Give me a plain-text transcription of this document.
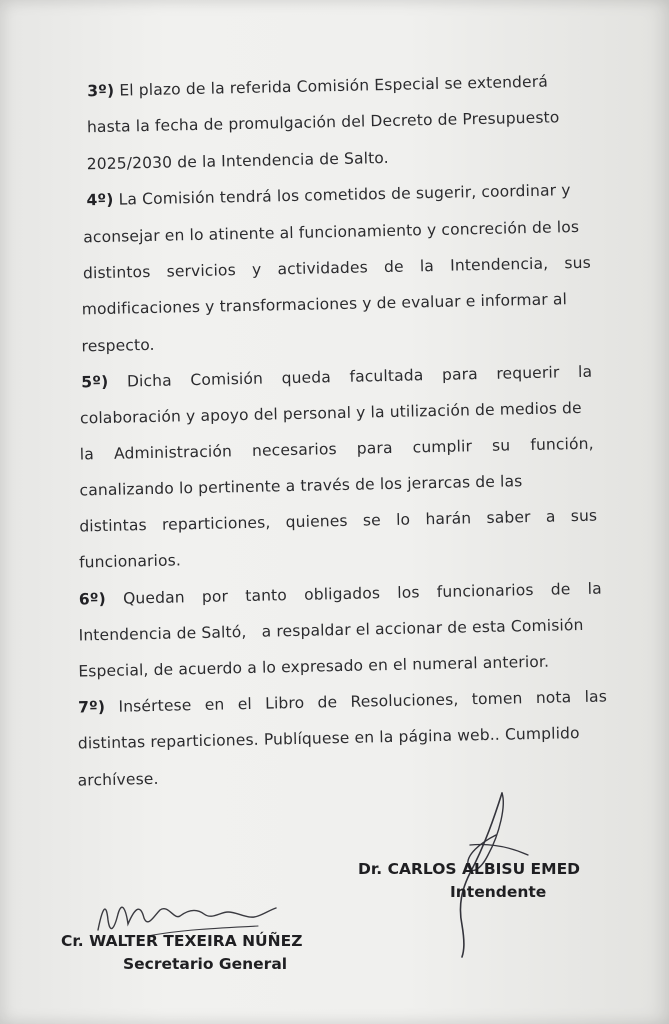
3º) El plazo de la referida Comisión Especial se extenderá
hasta la fecha de promulgación del Decreto de Presupuesto
2025/2030 de la Intendencia de Salto.
4º) La Comisión tendrá los cometidos de sugerir, coordinar y
aconsejar en lo atinente al funcionamiento y concreción de los
distintos servicios y actividades de la Intendencia, sus
modificaciones y transformaciones y de evaluar e informar al
respecto.
5º) Dicha Comisión queda facultada para requerir la
colaboración y apoyo del personal y la utilización de medios de
la Administración necesarios para cumplir su función,
canalizando lo pertinente a través de los jerarcas de las
distintas reparticiones, quienes se lo harán saber a sus
funcionarios.
6º) Quedan por tanto obligados los funcionarios de la
Intendencia de Saltó,   a respaldar el accionar de esta Comisión
Especial, de acuerdo a lo expresado en el numeral anterior.
7º) Insértese en el Libro de Resoluciones, tomen nota las
distintas reparticiones. Publíquese en la página web.. Cumplido
archívese.
Dr. CARLOS ALBISU EMED
Intendente
Cr. WALTER TEXEIRA NÚÑEZ
Secretario General
